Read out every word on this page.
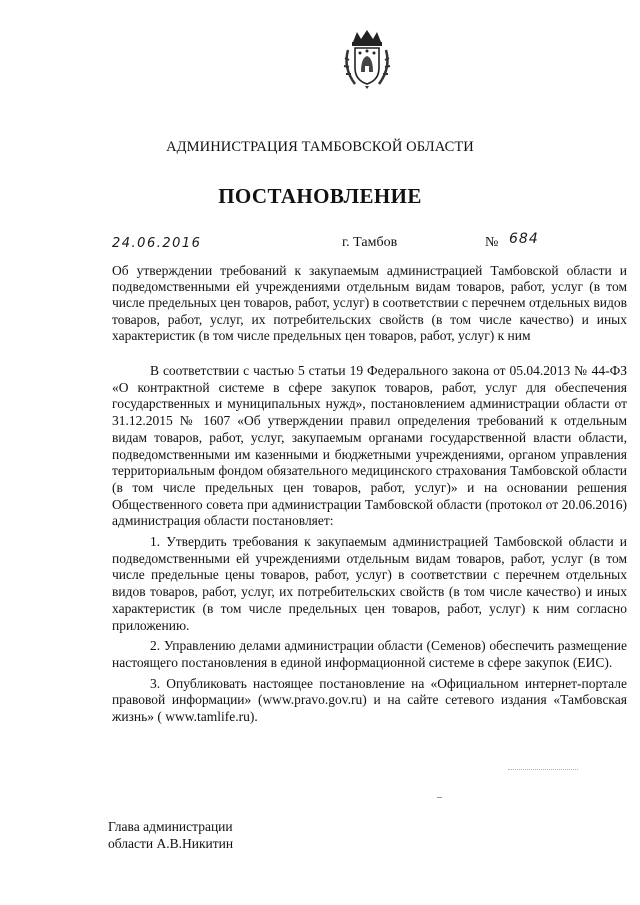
АДМИНИСТРАЦИЯ ТАМБОВСКОЙ ОБЛАСТИ
ПОСТАНОВЛЕНИЕ
24.06.2016	г. Тамбов	№ 684
Об утверждении требований к закупаемым администрацией Тамбовской области и подведомственными ей учреждениями отдельным видам товаров, работ, услуг (в том числе предельных цен товаров, работ, услуг) в соответствии с перечнем отдельных видов товаров, работ, услуг, их потребительских свойств (в том числе качество) и иных характеристик (в том числе предельных цен товаров, работ, услуг) к ним

В соответствии с частью 5 статьи 19 Федерального закона от 05.04.2013 № 44-ФЗ «О контрактной системе в сфере закупок товаров, работ, услуг для обеспечения государственных и муниципальных нужд», постановлением администрации области от 31.12.2015 № 1607 «Об утверждении правил определения требований к отдельным видам товаров, работ, услуг, закупаемым органами государственной власти области, подведомственными им казенными и бюджетными учреждениями, органом управления территориальным фондом обязательного медицинского страхования Тамбовской области (в том числе предельных цен товаров, работ, услуг)» и на основании решения Общественного совета при администрации Тамбовской области (протокол от 20.06.2016) администрация области постановляет:

1. Утвердить требования к закупаемым администрацией Тамбовской области и подведомственными ей учреждениями отдельным видам товаров, работ, услуг (в том числе предельные цены товаров, работ, услуг) в соответствии с перечнем отдельных видов товаров, работ, услуг, их потребительских свойств (в том числе качество) и иных характеристик (в том числе предельных цен товаров, работ, услуг) к ним согласно приложению.

2. Управлению делами администрации области (Семенов) обеспечить размещение настоящего постановления в единой информационной системе в сфере закупок (ЕИС).

3. Опубликовать настоящее постановление на «Официальном интернет-портале правовой информации» (www.pravo.gov.ru) и на сайте сетевого издания «Тамбовская жизнь» ( www.tamlife.ru).

Глава администрации
области А.В.Никитин
